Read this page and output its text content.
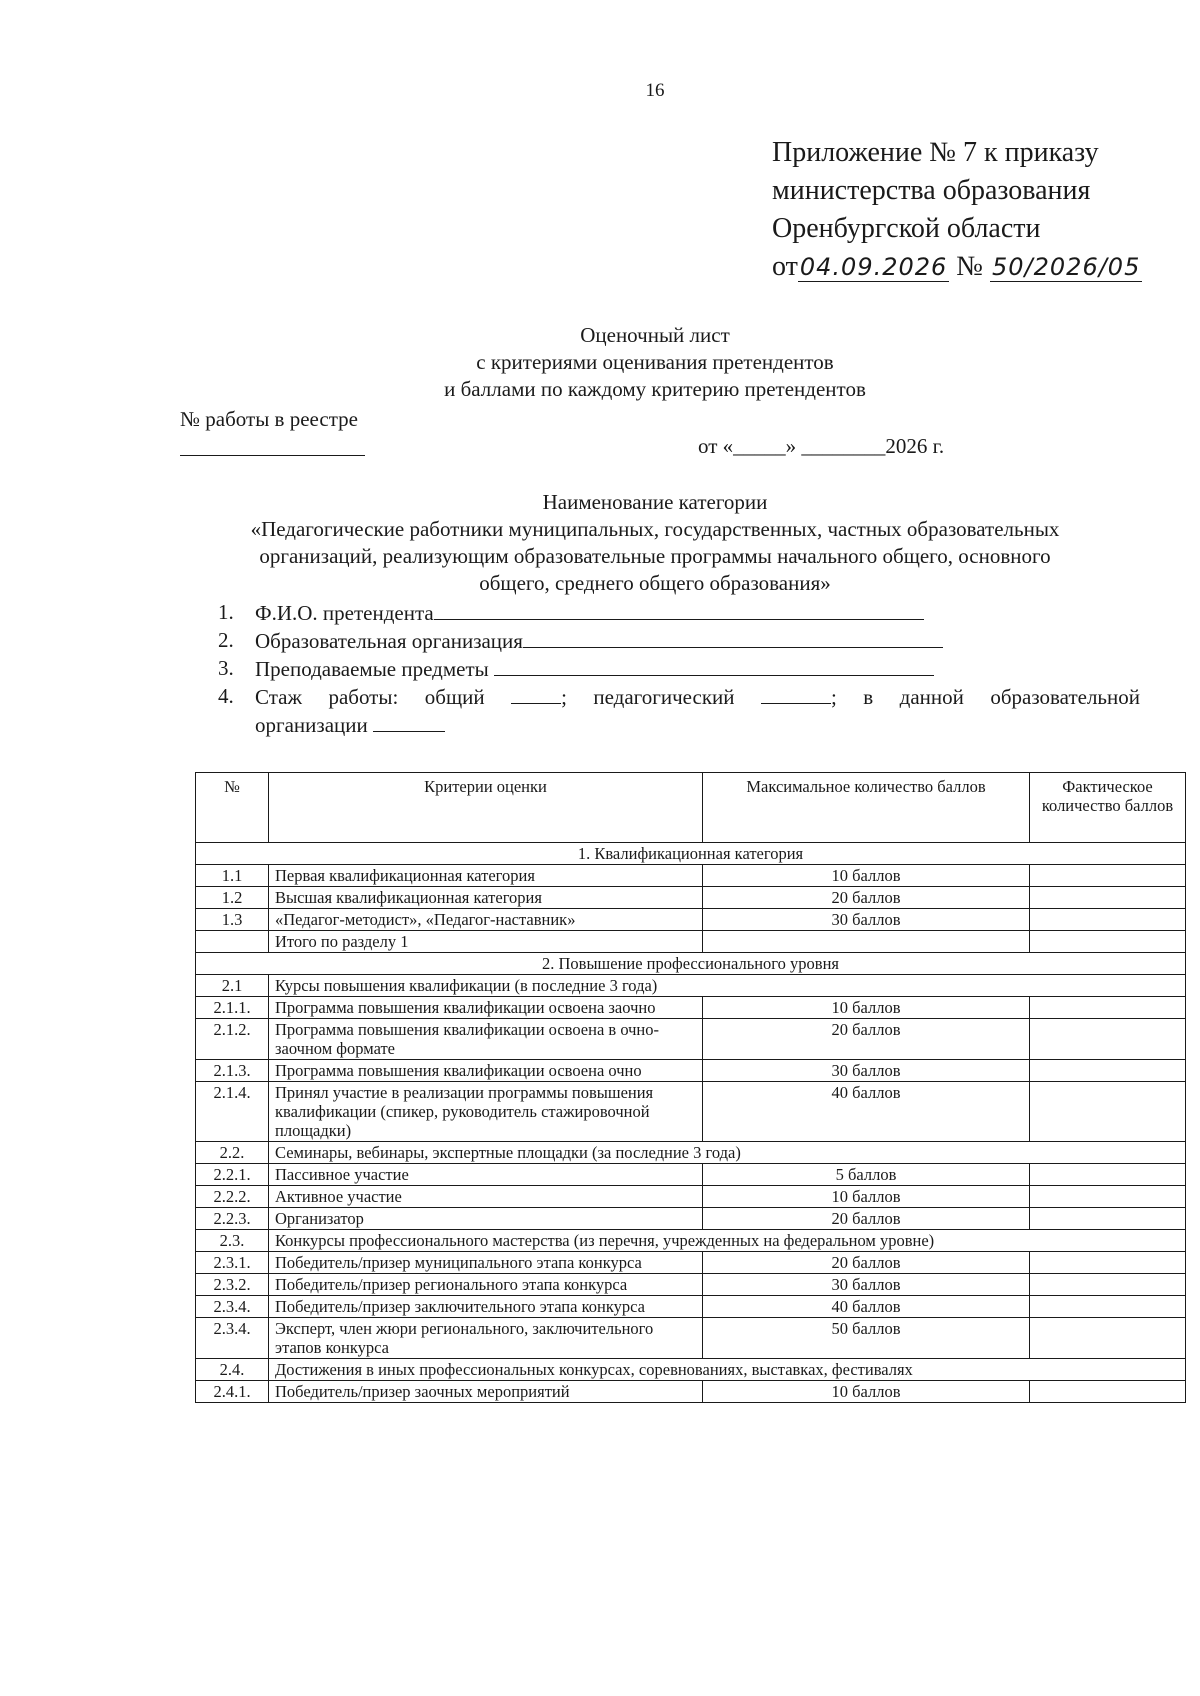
16
Приложение № 7 к приказу
министерства образования
Оренбургской области
от04.09.2026 № 50/2026/05
Оценочный лист
с критериями оценивания претендентов
и баллами по каждому критерию претендентов
№ работы в реестре
от «_____» ________2026 г.
Наименование категории
«Педагогические работники муниципальных, государственных, частных образовательных
организаций, реализующим образовательные программы начального общего, основного
общего, среднего общего образования»
1. Ф.И.О. претендента
2. Образовательная организация
3. Преподаваемые предметы
4. Стаж работы: общий	; педагогический	; в данной образовательной
организации
№	Критерии оценки	Максимальное количество баллов	Фактическое количество баллов
1. Квалификационная категория			
1.1	Первая квалификационная категория	10 баллов	
1.2	Высшая квалификационная категория	20 баллов	
1.3	«Педагог-методист», «Педагог-наставник»	30 баллов	
	Итого по разделу 1		
2. Повышение профессионального уровня			
2.1	Курсы повышения квалификации (в последние 3 года)		
2.1.1.	Программа повышения квалификации освоена заочно	10 баллов	
2.1.2.	Программа повышения квалификации освоена в очно-заочном формате	20 баллов	
2.1.3.	Программа повышения квалификации освоена очно	30 баллов	
2.1.4.	Принял участие в реализации программы повышения квалификации (спикер, руководитель стажировочной площадки)	40 баллов	
2.2.	Семинары, вебинары, экспертные площадки (за последние 3 года)		
2.2.1.	Пассивное участие	5 баллов	
2.2.2.	Активное участие	10 баллов	
2.2.3.	Организатор	20 баллов	
2.3.	Конкурсы профессионального мастерства (из перечня, учрежденных на федеральном уровне)		
2.3.1.	Победитель/призер муниципального этапа конкурса	20 баллов	
2.3.2.	Победитель/призер регионального этапа конкурса	30 баллов	
2.3.4.	Победитель/призер заключительного этапа конкурса	40 баллов	
2.3.4.	Эксперт, член жюри регионального, заключительного этапов конкурса	50 баллов	
2.4.	Достижения в иных профессиональных конкурсах, соревнованиях, выставках, фестивалях		
2.4.1.	Победитель/призер заочных мероприятий	10 баллов	
